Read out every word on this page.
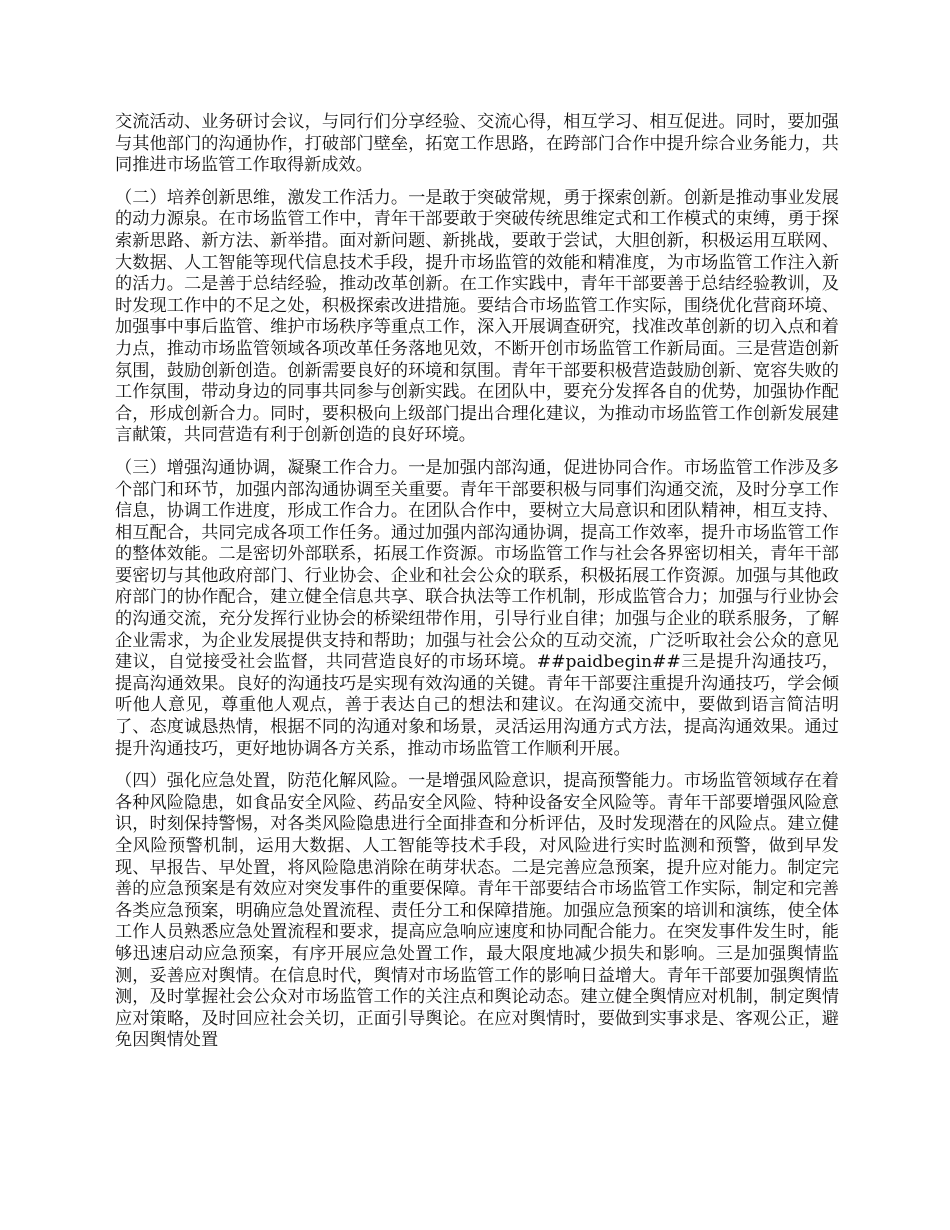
交流活动、业务研讨会议，与同行们分享经验、交流心得，相互学习、相互促进。同时，要加强与其他部门的沟通协作，打破部门壁垒，拓宽工作思路，在跨部门合作中提升综合业务能力，共同推进市场监管工作取得新成效。

（二）培养创新思维，激发工作活力。一是敢于突破常规，勇于探索创新。创新是推动事业发展的动力源泉。在市场监管工作中，青年干部要敢于突破传统思维定式和工作模式的束缚，勇于探索新思路、新方法、新举措。面对新问题、新挑战，要敢于尝试，大胆创新，积极运用互联网、大数据、人工智能等现代信息技术手段，提升市场监管的效能和精准度，为市场监管工作注入新的活力。二是善于总结经验，推动改革创新。在工作实践中，青年干部要善于总结经验教训，及时发现工作中的不足之处，积极探索改进措施。要结合市场监管工作实际，围绕优化营商环境、加强事中事后监管、维护市场秩序等重点工作，深入开展调查研究，找准改革创新的切入点和着力点，推动市场监管领域各项改革任务落地见效，不断开创市场监管工作新局面。三是营造创新氛围，鼓励创新创造。创新需要良好的环境和氛围。青年干部要积极营造鼓励创新、宽容失败的工作氛围，带动身边的同事共同参与创新实践。在团队中，要充分发挥各自的优势，加强协作配合，形成创新合力。同时，要积极向上级部门提出合理化建议，为推动市场监管工作创新发展建言献策，共同营造有利于创新创造的良好环境。

（三）增强沟通协调，凝聚工作合力。一是加强内部沟通，促进协同合作。市场监管工作涉及多个部门和环节，加强内部沟通协调至关重要。青年干部要积极与同事们沟通交流，及时分享工作信息，协调工作进度，形成工作合力。在团队合作中，要树立大局意识和团队精神，相互支持、相互配合，共同完成各项工作任务。通过加强内部沟通协调，提高工作效率，提升市场监管工作的整体效能。二是密切外部联系，拓展工作资源。市场监管工作与社会各界密切相关，青年干部要密切与其他政府部门、行业协会、企业和社会公众的联系，积极拓展工作资源。加强与其他政府部门的协作配合，建立健全信息共享、联合执法等工作机制，形成监管合力；加强与行业协会的沟通交流，充分发挥行业协会的桥梁纽带作用，引导行业自律；加强与企业的联系服务，了解企业需求，为企业发展提供支持和帮助；加强与社会公众的互动交流，广泛听取社会公众的意见建议，自觉接受社会监督，共同营造良好的市场环境。##paidbegin##三是提升沟通技巧，提高沟通效果。良好的沟通技巧是实现有效沟通的关键。青年干部要注重提升沟通技巧，学会倾听他人意见，尊重他人观点，善于表达自己的想法和建议。在沟通交流中，要做到语言简洁明了、态度诚恳热情，根据不同的沟通对象和场景，灵活运用沟通方式方法，提高沟通效果。通过提升沟通技巧，更好地协调各方关系，推动市场监管工作顺利开展。

（四）强化应急处置，防范化解风险。一是增强风险意识，提高预警能力。市场监管领域存在着各种风险隐患，如食品安全风险、药品安全风险、特种设备安全风险等。青年干部要增强风险意识，时刻保持警惕，对各类风险隐患进行全面排查和分析评估，及时发现潜在的风险点。建立健全风险预警机制，运用大数据、人工智能等技术手段，对风险进行实时监测和预警，做到早发现、早报告、早处置，将风险隐患消除在萌芽状态。二是完善应急预案，提升应对能力。制定完善的应急预案是有效应对突发事件的重要保障。青年干部要结合市场监管工作实际，制定和完善各类应急预案，明确应急处置流程、责任分工和保障措施。加强应急预案的培训和演练，使全体工作人员熟悉应急处置流程和要求，提高应急响应速度和协同配合能力。在突发事件发生时，能够迅速启动应急预案，有序开展应急处置工作，最大限度地减少损失和影响。三是加强舆情监测，妥善应对舆情。在信息时代，舆情对市场监管工作的影响日益增大。青年干部要加强舆情监测，及时掌握社会公众对市场监管工作的关注点和舆论动态。建立健全舆情应对机制，制定舆情应对策略，及时回应社会关切，正面引导舆论。在应对舆情时，要做到实事求是、客观公正，避免因舆情处置
